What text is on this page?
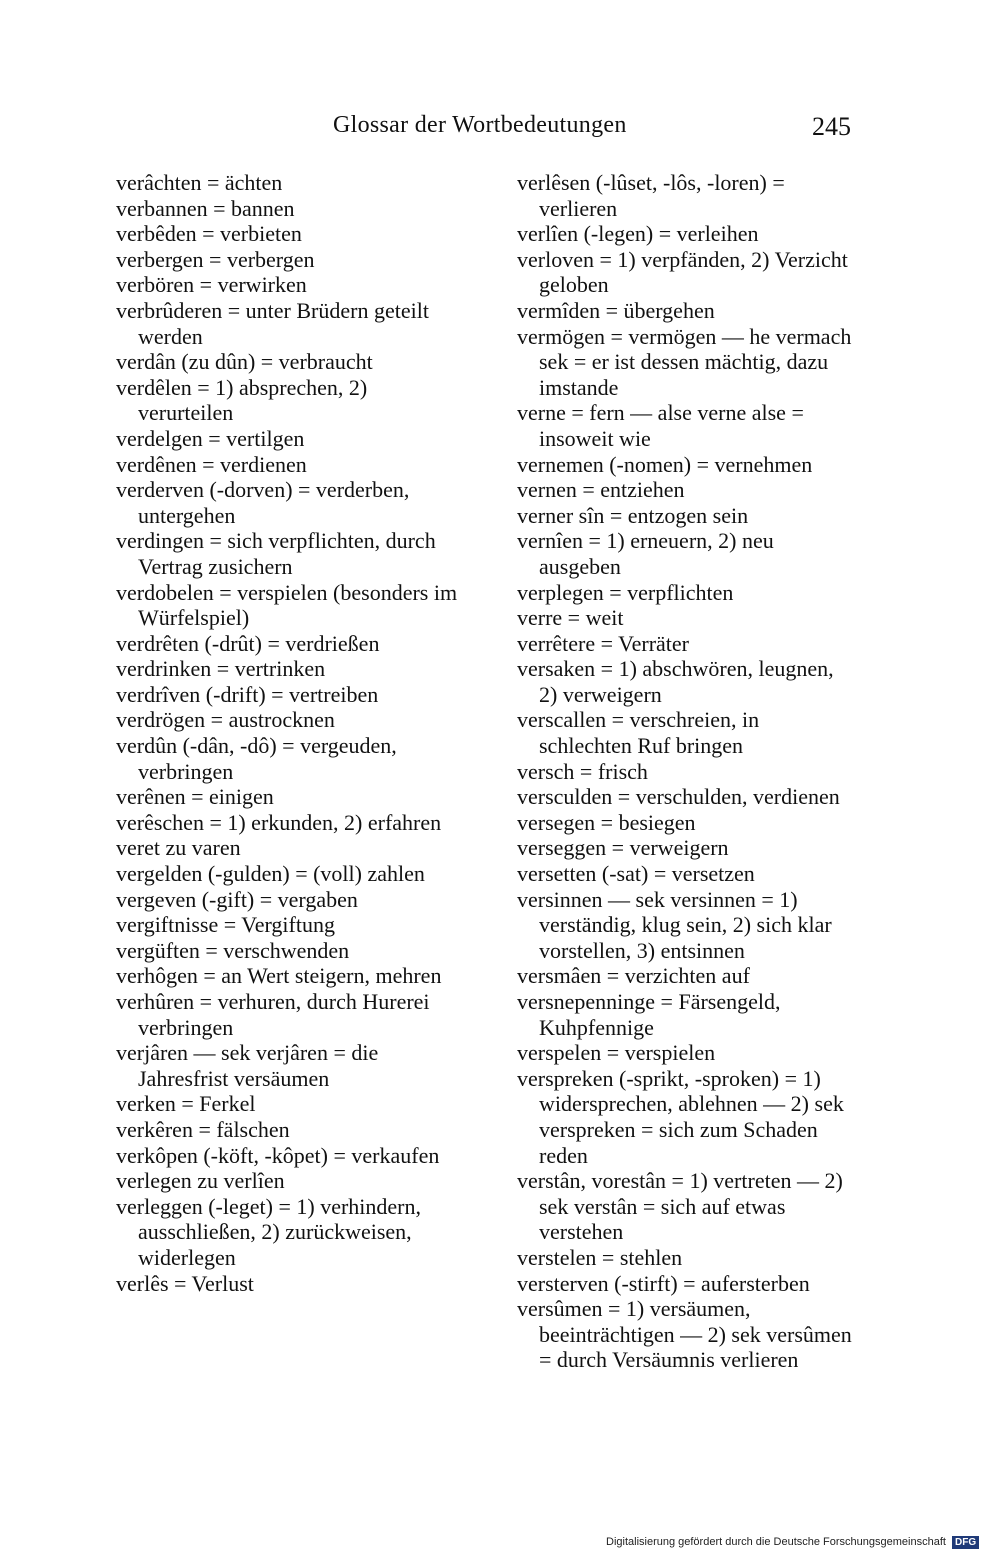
Glossar der Wortbedeutungen	245

verâchten = ächten

verbannen = bannen

verbêden = verbieten

verbergen = verbergen

verbören = verwirken

verbrûderen = unter Brüdern geteilt werden

verdân (zu dûn) = verbraucht

verdêlen = 1) absprechen, 2) verurteilen

verdelgen = vertilgen

verdênen = verdienen

verderven (-dorven) = verderben, untergehen

verdingen = sich verpflichten, durch Vertrag zusichern

verdobelen = verspielen (besonders im Würfelspiel)

verdrêten (-drût) = verdrießen

verdrinken = vertrinken

verdrîven (-drift) = vertreiben

verdrögen = austrocknen

verdûn (-dân, -dô) = vergeuden, verbringen

verênen = einigen

verêschen = 1) erkunden, 2) erfahren

veret zu varen

vergelden (-gulden) = (voll) zahlen

vergeven (-gift) = vergaben

vergiftnisse = Vergiftung

vergüften = verschwenden

verhôgen = an Wert steigern, mehren

verhûren = verhuren, durch Hurerei verbringen

verjâren — sek verjâren = die Jahresfrist versäumen

verken = Ferkel

verkêren = fälschen

verkôpen (-köft, -kôpet) = verkaufen

verlegen zu verlîen

verleggen (-leget) = 1) verhindern, ausschließen, 2) zurückweisen, widerlegen

verlês = Verlust

verlêsen (-lûset, -lôs, -loren) = verlieren

verlîen (-legen) = verleihen

verloven = 1) verpfänden, 2) Verzicht geloben

vermîden = übergehen

vermögen = vermögen — he vermach sek = er ist dessen mächtig, dazu imstande

verne = fern — alse verne alse = insoweit wie

vernemen (-nomen) = vernehmen

vernen = entziehen

verner sîn = entzogen sein

vernîen = 1) erneuern, 2) neu ausgeben

verplegen = verpflichten

verre = weit

verrêtere = Verräter

versaken = 1) abschwören, leugnen, 2) verweigern

verscallen = verschreien, in schlechten Ruf bringen

versch = frisch

versculden = verschulden, verdienen

versegen = besiegen

verseggen = verweigern

versetten (-sat) = versetzen

versinnen — sek versinnen = 1) verständig, klug sein, 2) sich klar vorstellen, 3) entsinnen

versmâen = verzichten auf

versnepenninge = Färsengeld, Kuhpfennige

verspelen = verspielen

verspreken (-sprikt, -sproken) = 1) widersprechen, ablehnen — 2) sek verspreken = sich zum Schaden reden

verstân, vorestân = 1) vertreten — 2) sek verstân = sich auf etwas verstehen

verstelen = stehlen

versterven (-stirft) = aufersterben

versûmen = 1) versäumen, beeinträchtigen — 2) sek versûmen = durch Versäumnis verlieren

Digitalisierung gefördert durch die Deutsche Forschungsgemeinschaft DFG
